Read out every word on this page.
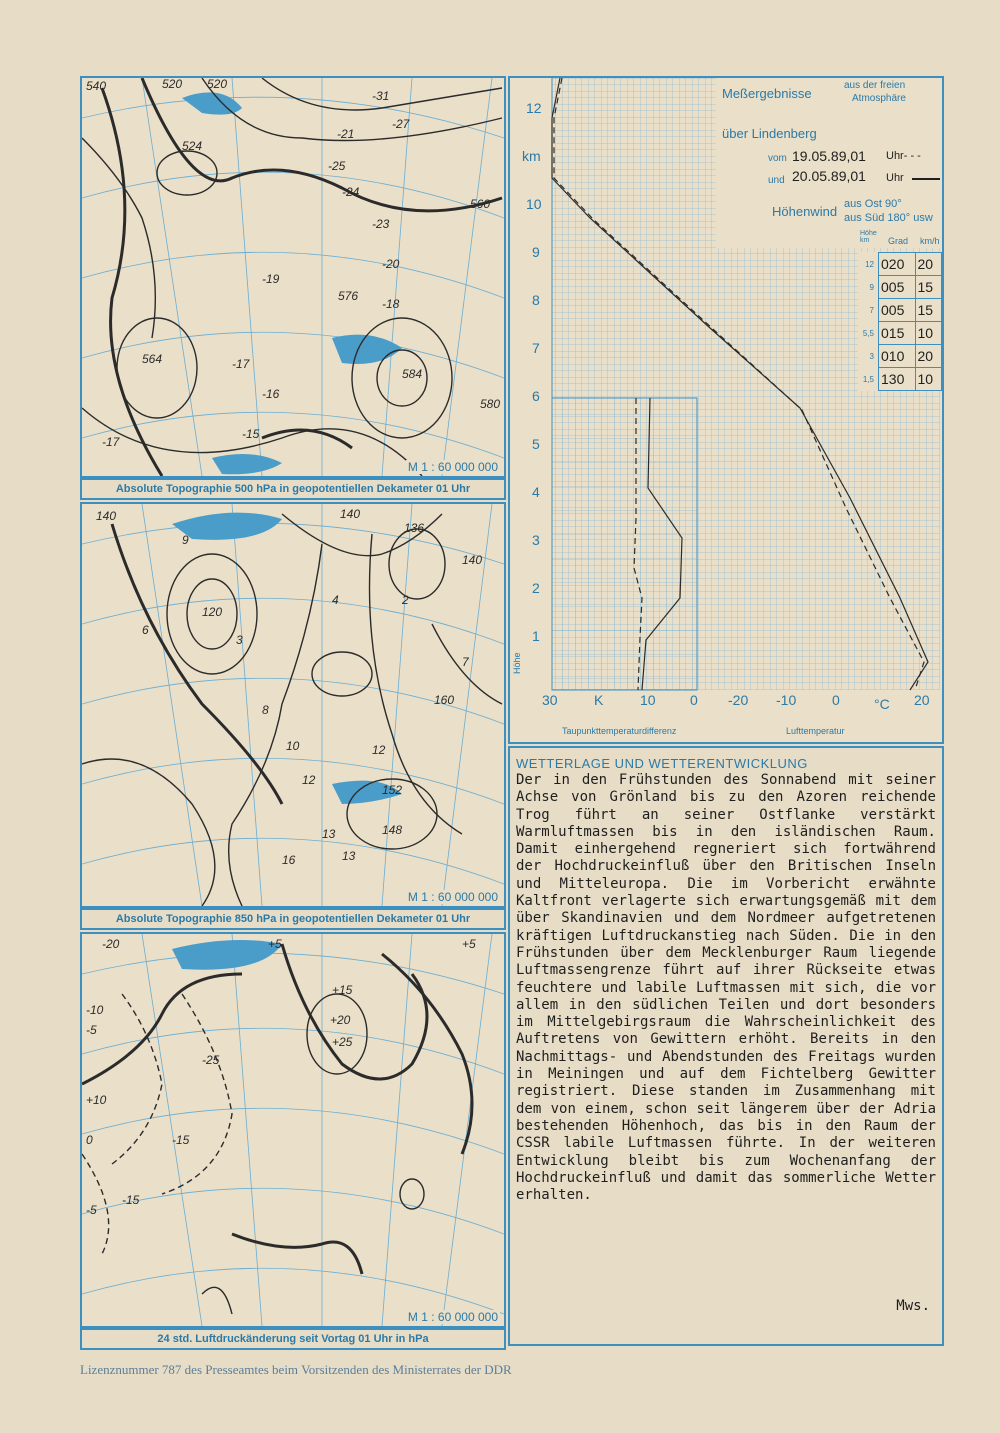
540	520 520
524
564
576
584
560
580
-31
-25
-27
-24
-21
-23
-20
-17
-16
-18
-15
-19
-17
M 1 : 60 000 000
Absolute Topographie 500 hPa in geopotentiellen Dekameter 01 Uhr
140	140
140
136
160
120
9
8
10
12
13
16
12
13
152
148
6
7
4	2
3
M 1 : 60 000 000
Absolute Topographie 850 hPa in geopotentiellen Dekameter 01 Uhr
-20
-25
-15
-10
-5
+5
+10
+15
+20
+25
-15
0
-5
+5
M 1 : 60 000 000
24 std. Luftdruckänderung seit Vortag 01 Uhr in hPa
Meßergebnisse
aus der freien
Atmosphäre
über Lindenberg
vom 19.05.89,01 Uhr- - -
und 20.05.89,01 Uhr
Höhenwind aus Ost 90°
aus Süd 180° usw
Höhe km	Grad km/h
12	020	20
9	005	15
7	005	15
5,5	015	10
3	010	20
1,5	130	10
12
km
10
9
8
7
6
5
4
3
2
1
Höhe
30	K	10 0 -20 -10	0 °C 20
Taupunkttemperaturdifferenz	Lufttemperatur
WETTERLAGE UND WETTERENTWICKLUNG
Der in den Frühstunden des Sonnabend mit seiner Achse von Grönland bis zu den Azoren reichende Trog führt an seiner Ostflanke verstärkt Warmluftmassen bis in den isländischen Raum. Damit einhergehend regneriert sich fortwährend der Hochdruckeinfluß über den Britischen Inseln und Mitteleuropa. Die im Vorbericht erwähnte Kaltfront verlagerte sich erwartungsgemäß mit dem über Skandinavien und dem Nordmeer aufgetretenen kräftigen Luftdruckanstieg nach Süden. Die in den Frühstunden über dem Mecklenburger Raum liegende Luftmassengrenze führt auf ihrer Rückseite etwas feuchtere und labile Luftmassen mit sich, die vor allem in den südlichen Teilen und dort besonders im Mittelgebirgsraum die Wahrscheinlichkeit des Auftretens von Gewittern erhöht. Bereits in den Nachmittags- und Abendstunden des Freitags wurden in Meiningen und auf dem Fichtelberg Gewitter registriert. Diese standen im Zusammenhang mit dem von einem, schon seit längerem über der Adria bestehenden Höhenhoch, das bis in den Raum der CSSR labile Luftmassen führte. In der weiteren Entwicklung bleibt bis zum Wochenanfang der Hochdruckeinfluß und damit das sommerliche Wetter erhalten.
Mws.
Lizenznummer 787 des Presseamtes beim Vorsitzenden des Ministerrates der DDR
